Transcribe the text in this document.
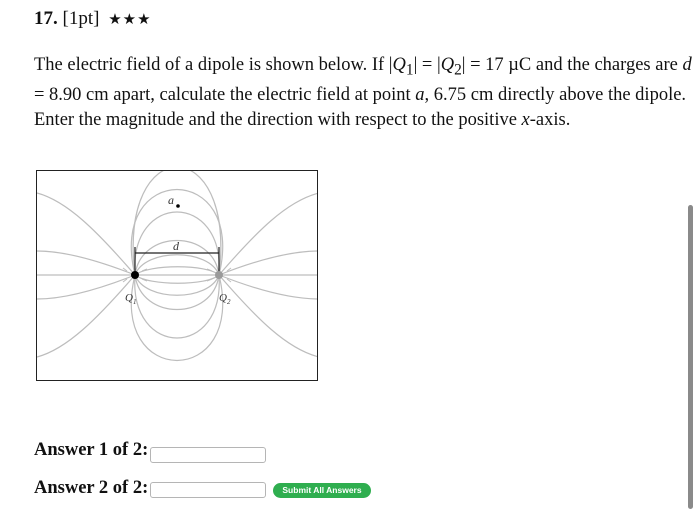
17. [1pt] ★★★
The electric field of a dipole is shown below. If $|Q_1| = |Q_2| = 17$ µC and the charges are d = 8.90 cm apart, calculate the electric field at point a, 6.75 cm directly above the dipole. Enter the magnitude and the direction with respect to the positive x-axis.
a
d
$Q_1$	$Q_2$
Answer 1 of 2:
Answer 2 of 2:	Submit All Answers
